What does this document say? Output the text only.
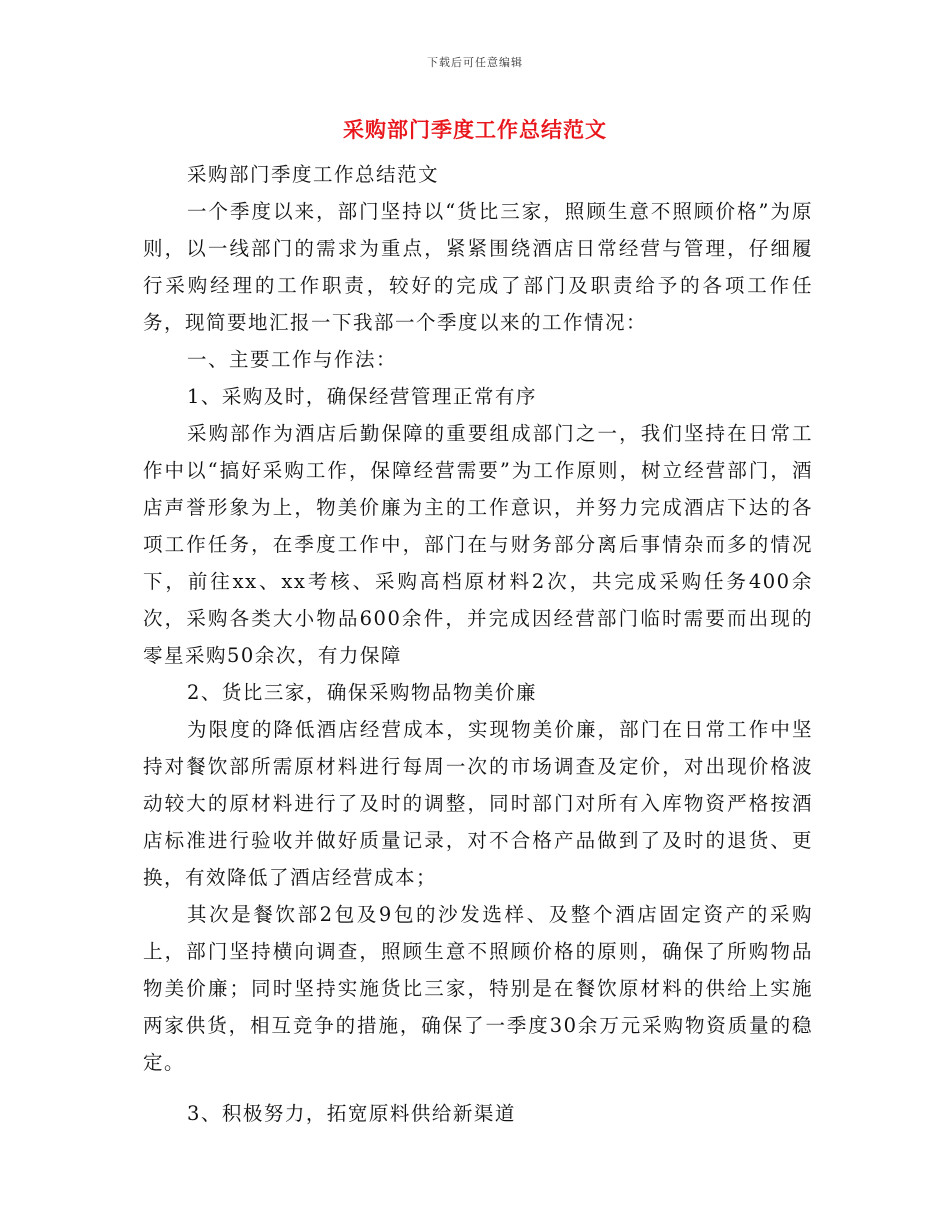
下载后可任意编辑
采购部门季度工作总结范文

采购部门季度工作总结范文

一个季度以来，部门坚持以“货比三家，照顾生意不照顾价格”为原则，以一线部门的需求为重点，紧紧围绕酒店日常经营与管理，仔细履行采购经理的工作职责，较好的完成了部门及职责给予的各项工作任务，现简要地汇报一下我部一个季度以来的工作情况：

一、主要工作与作法：

1、采购及时，确保经营管理正常有序

采购部作为酒店后勤保障的重要组成部门之一，我们坚持在日常工作中以“搞好采购工作，保障经营需要”为工作原则，树立经营部门，酒店声誉形象为上，物美价廉为主的工作意识，并努力完成酒店下达的各项工作任务，在季度工作中，部门在与财务部分离后事情杂而多的情况下，前往xx、xx考核、采购高档原材料2次，共完成采购任务400余次，采购各类大小物品600余件，并完成因经营部门临时需要而出现的零星采购50余次，有力保障

2、货比三家，确保采购物品物美价廉

为限度的降低酒店经营成本，实现物美价廉，部门在日常工作中坚持对餐饮部所需原材料进行每周一次的市场调查及定价，对出现价格波动较大的原材料进行了及时的调整，同时部门对所有入库物资严格按酒店标准进行验收并做好质量记录，对不合格产品做到了及时的退货、更换，有效降低了酒店经营成本；

其次是餐饮部2包及9包的沙发选样、及整个酒店固定资产的采购上，部门坚持横向调查，照顾生意不照顾价格的原则，确保了所购物品物美价廉；同时坚持实施货比三家，特别是在餐饮原材料的供给上实施两家供货，相互竞争的措施，确保了一季度30余万元采购物资质量的稳定。

3、积极努力，拓宽原料供给新渠道
